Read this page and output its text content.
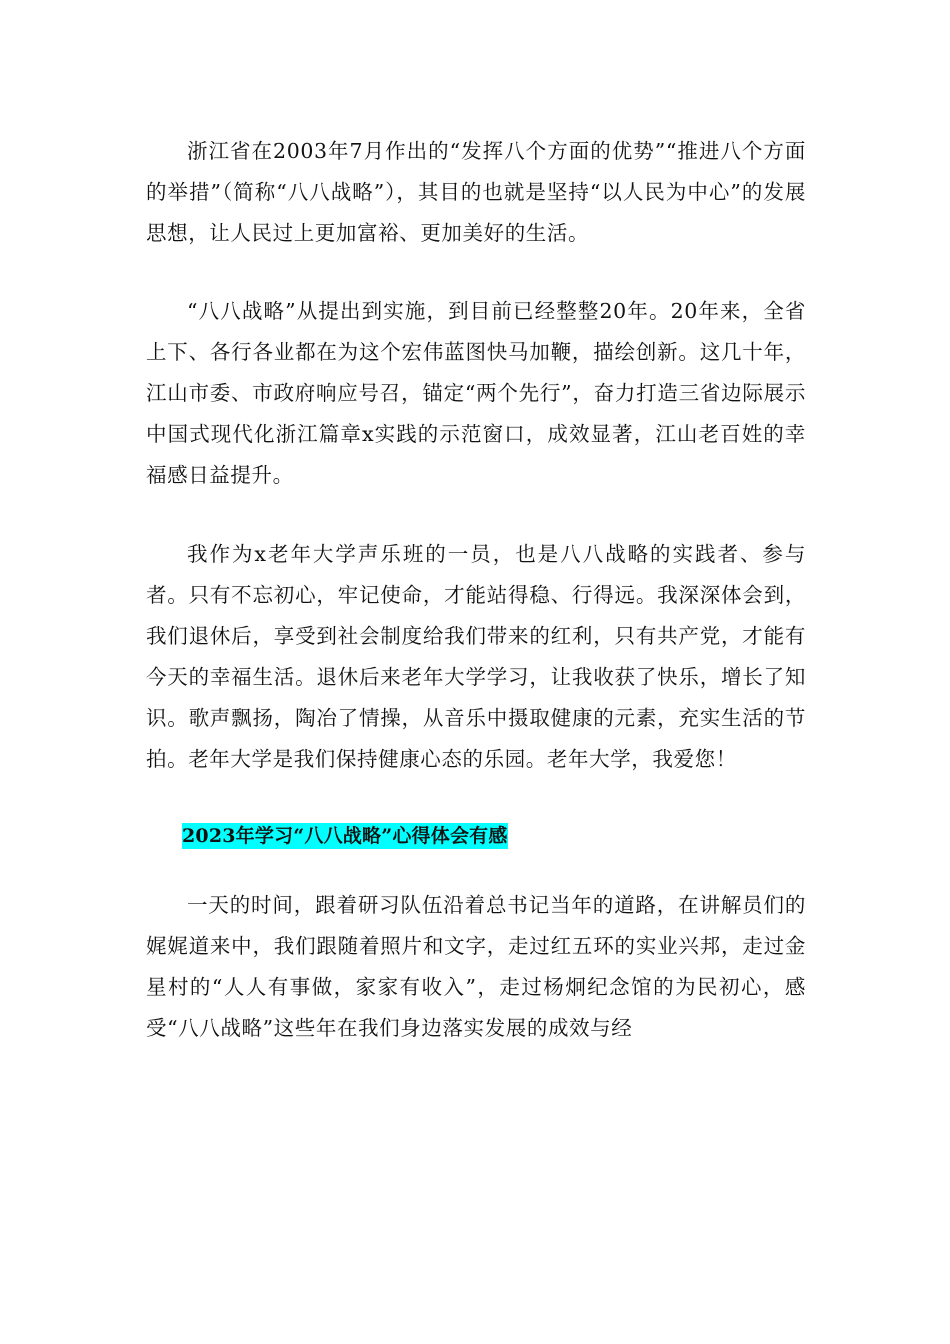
浙江省在2003年7月作出的“发挥八个方面的优势”“推进八个方面的举措”（简称“八八战略”），其目的也就是坚持“以人民为中心”的发展思想，让人民过上更加富裕、更加美好的生活。

“八八战略”从提出到实施，到目前已经整整20年。20年来，全省上下、各行各业都在为这个宏伟蓝图快马加鞭，描绘创新。这几十年，江山市委、市政府响应号召，锚定“两个先行”，奋力打造三省边际展示中国式现代化浙江篇章x实践的示范窗口，成效显著，江山老百姓的幸福感日益提升。

我作为x老年大学声乐班的一员，也是八八战略的实践者、参与者。只有不忘初心，牢记使命，才能站得稳、行得远。我深深体会到，我们退休后，享受到社会制度给我们带来的红利，只有共产党，才能有今天的幸福生活。退休后来老年大学学习，让我收获了快乐，增长了知识。歌声飘扬，陶冶了情操，从音乐中摄取健康的元素，充实生活的节拍。老年大学是我们保持健康心态的乐园。老年大学，我爱您！

2023年学习“八八战略”心得体会有感

一天的时间，跟着研习队伍沿着总书记当年的道路，在讲解员们的娓娓道来中，我们跟随着照片和文字，走过红五环的实业兴邦，走过金星村的“人人有事做，家家有收入”，走过杨炯纪念馆的为民初心，感受“八八战略”这些年在我们身边落实发展的成效与经
